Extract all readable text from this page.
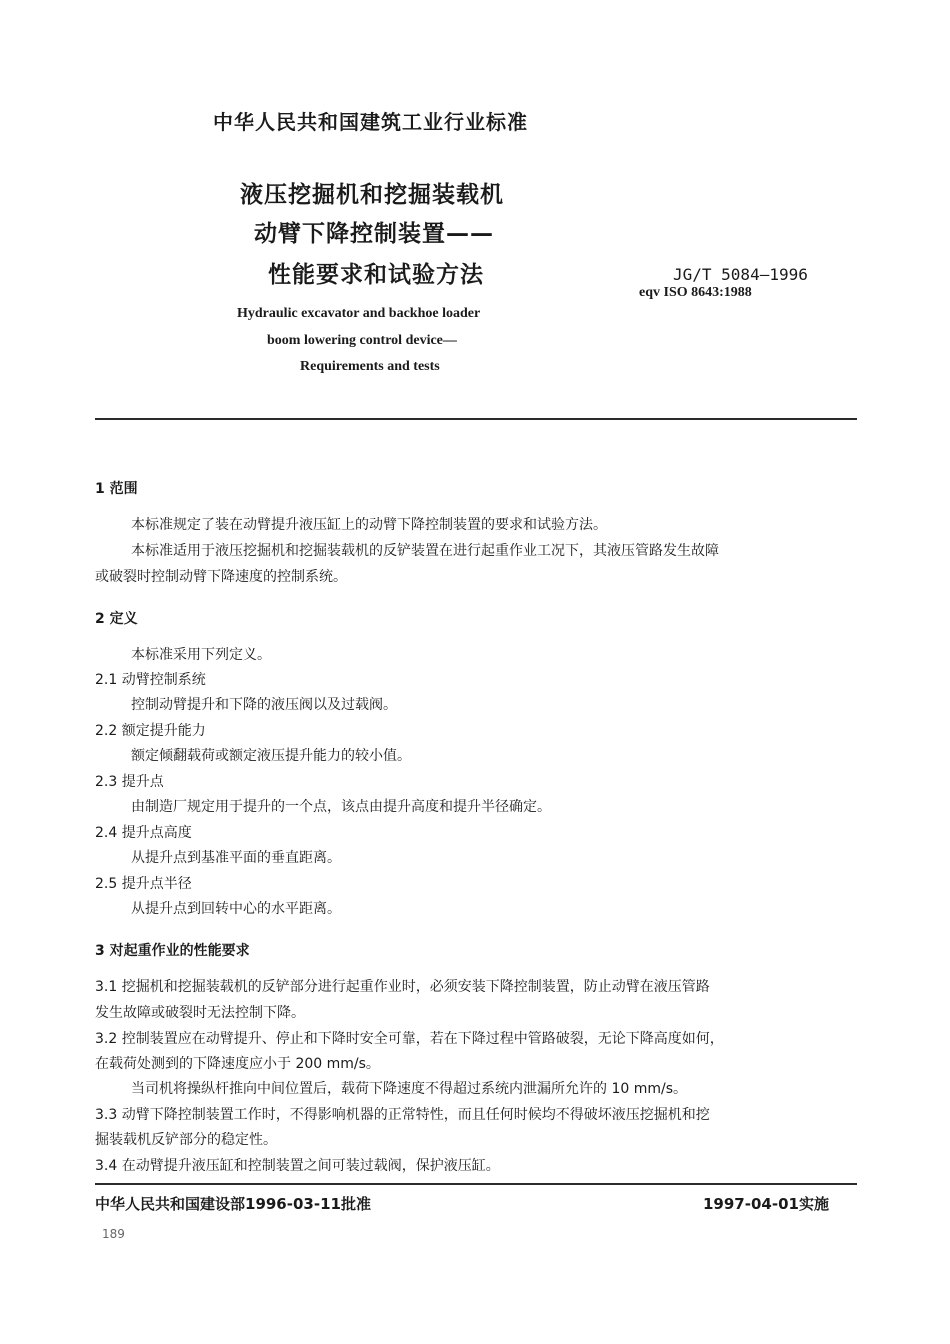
中华人民共和国建筑工业行业标准
液压挖掘机和挖掘装载机
动臂下降控制装置——
性能要求和试验方法	JG/T 5084—1996
eqv ISO 8643:1988
Hydraulic excavator and backhoe loader
boom lowering control device—
Requirements and tests
1 范围
本标准规定了装在动臂提升液压缸上的动臂下降控制装置的要求和试验方法。
本标准适用于液压挖掘机和挖掘装载机的反铲装置在进行起重作业工况下，其液压管路发生故障
或破裂时控制动臂下降速度的控制系统。
2 定义
本标准采用下列定义。
2.1 动臂控制系统
控制动臂提升和下降的液压阀以及过载阀。
2.2 额定提升能力
额定倾翻载荷或额定液压提升能力的较小值。
2.3 提升点
由制造厂规定用于提升的一个点，该点由提升高度和提升半径确定。
2.4 提升点高度
从提升点到基准平面的垂直距离。
2.5 提升点半径
从提升点到回转中心的水平距离。
3 对起重作业的性能要求
3.1 挖掘机和挖掘装载机的反铲部分进行起重作业时，必须安装下降控制装置，防止动臂在液压管路
发生故障或破裂时无法控制下降。
3.2 控制装置应在动臂提升、停止和下降时安全可靠，若在下降过程中管路破裂，无论下降高度如何，
在载荷处测到的下降速度应小于 200 mm/s。
当司机将操纵杆推向中间位置后，载荷下降速度不得超过系统内泄漏所允许的 10 mm/s。
3.3 动臂下降控制装置工作时，不得影响机器的正常特性，而且任何时候均不得破坏液压挖掘机和挖
掘装载机反铲部分的稳定性。
3.4 在动臂提升液压缸和控制装置之间可装过载阀，保护液压缸。
中华人民共和国建设部1996-03-11批准	1997-04-01实施
189
